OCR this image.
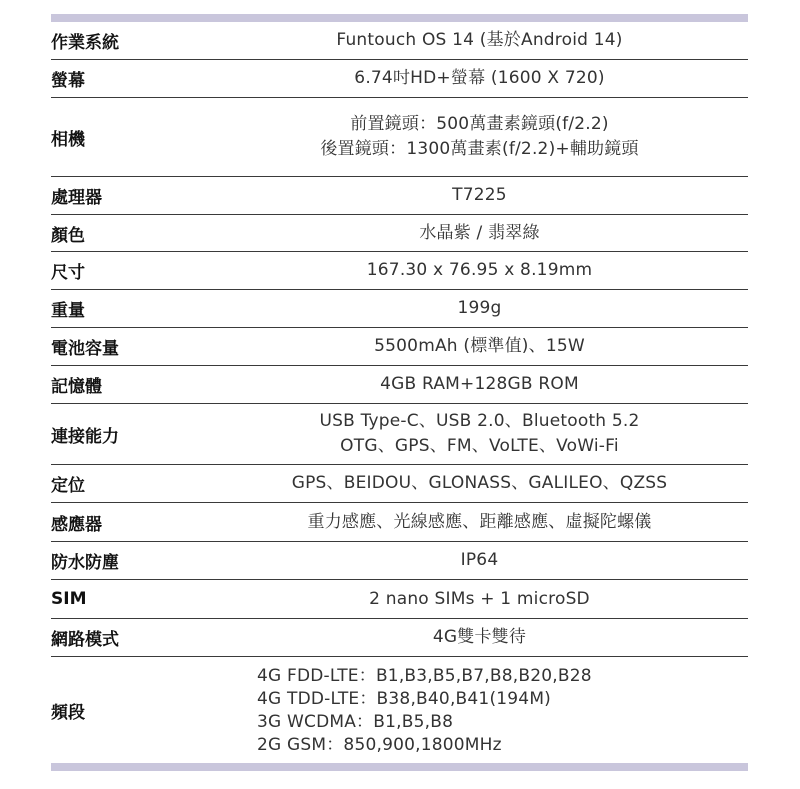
作業系統	Funtouch OS 14 (基於Android 14)

螢幕	6.74吋HD+螢幕 (1600 X 720)

相機	前置鏡頭：500萬畫素鏡頭(f/2.2)
後置鏡頭：1300萬畫素(f/2.2)+輔助鏡頭

處理器	T7225

顏色	水晶紫 / 翡翠綠

尺寸	167.30 x 76.95 x 8.19mm

重量	199g

電池容量	5500mAh (標準值)、15W

記憶體	4GB RAM+128GB ROM

連接能力	USB Type-C、USB 2.0、Bluetooth 5.2
OTG、GPS、FM、VoLTE、VoWi-Fi

定位	GPS、BEIDOU、GLONASS、GALILEO、QZSS

感應器	重力感應、光線感應、距離感應、虛擬陀螺儀

防水防塵	IP64

SIM	2 nano SIMs + 1 microSD

網路模式	4G雙卡雙待

頻段	4G FDD-LTE：B1,B3,B5,B7,B8,B20,B28
4G TDD-LTE：B38,B40,B41(194M)
3G WCDMA：B1,B5,B8
2G GSM：850,900,1800MHz
